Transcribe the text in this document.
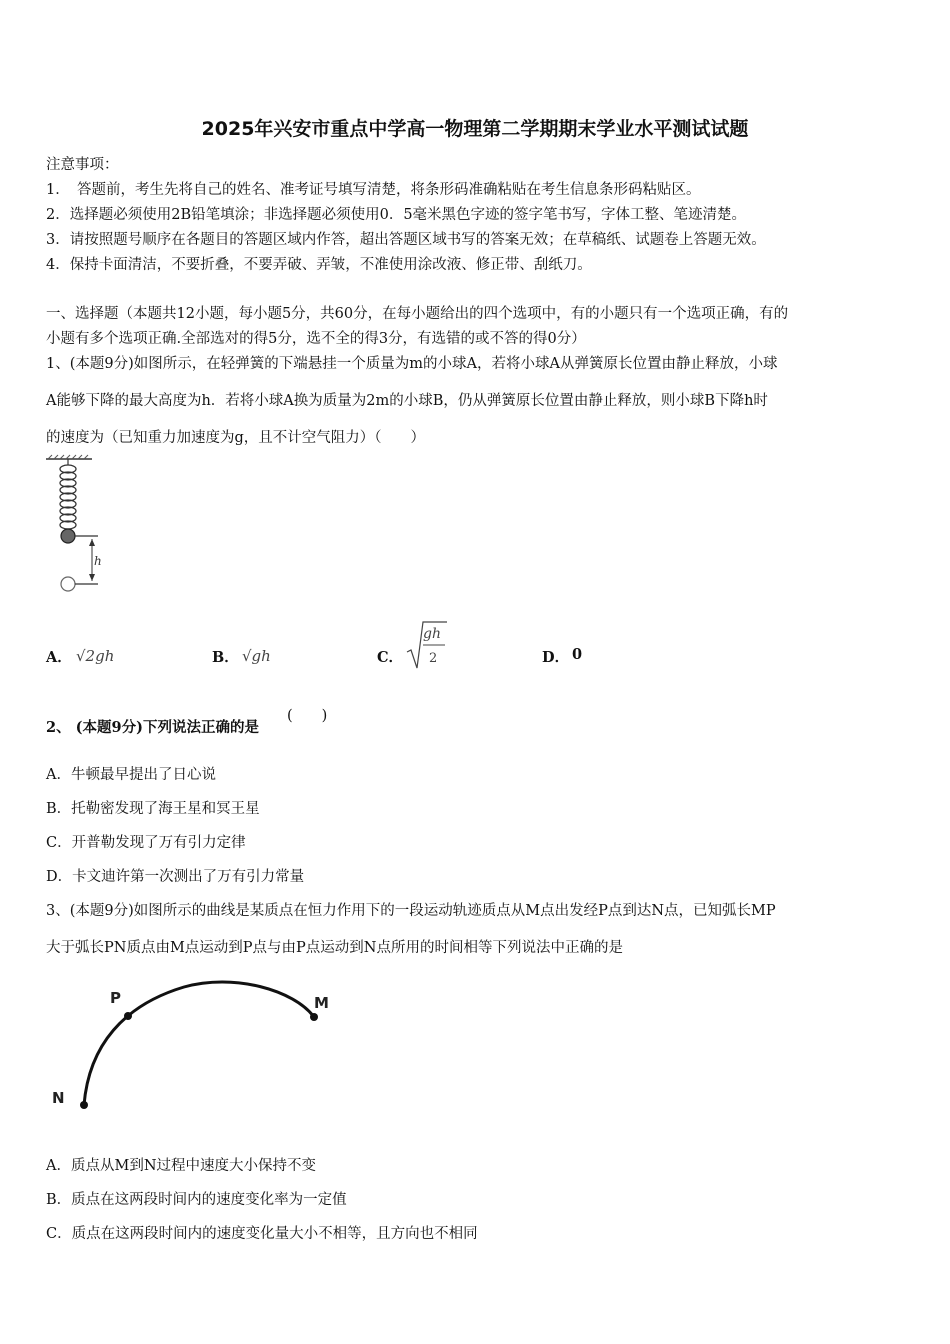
2025年兴安市重点中学高一物理第二学期期末学业水平测试试题
注意事项：
1．　答题前，考生先将自己的姓名、准考证号填写清楚，将条形码准确粘贴在考生信息条形码粘贴区。
2．选择题必须使用2B铅笔填涂；非选择题必须使用0．5毫米黑色字迹的签字笔书写，字体工整、笔迹清楚。
3．请按照题号顺序在各题目的答题区域内作答，超出答题区域书写的答案无效；在草稿纸、试题卷上答题无效。
4．保持卡面清洁，不要折叠，不要弄破、弄皱，不准使用涂改液、修正带、刮纸刀。
一、选择题（本题共12小题，每小题5分，共60分，在每小题给出的四个选项中，有的小题只有一个选项正确，有的
小题有多个选项正确.全部选对的得5分，选不全的得3分，有选错的或不答的得0分）
1、(本题9分)如图所示，在轻弹簧的下端悬挂一个质量为m的小球A，若将小球A从弹簧原长位置由静止释放，小球
A能够下降的最大高度为h．若将小球A换为质量为2m的小球B，仍从弹簧原长位置由静止释放，则小球B下降h时
的速度为（已知重力加速度为g，且不计空气阻力）（　　）
h
A． √2gh	B． √gh	C．
gh
2	D． 0
2、 (本题9分)下列说法正确的是
(　　)
A．牛顿最早提出了日心说
B．托勒密发现了海王星和冥王星
C．开普勒发现了万有引力定律
D．卡文迪许第一次测出了万有引力常量
3、(本题9分)如图所示的曲线是某质点在恒力作用下的一段运动轨迹质点从M点出发经P点到达N点，已知弧长MP
大于弧长PN质点由M点运动到P点与由P点运动到N点所用的时间相等下列说法中正确的是
P	M
N
A．质点从M到N过程中速度大小保持不变
B．质点在这两段时间内的速度变化率为一定值
C．质点在这两段时间内的速度变化量大小不相等，且方向也不相同
